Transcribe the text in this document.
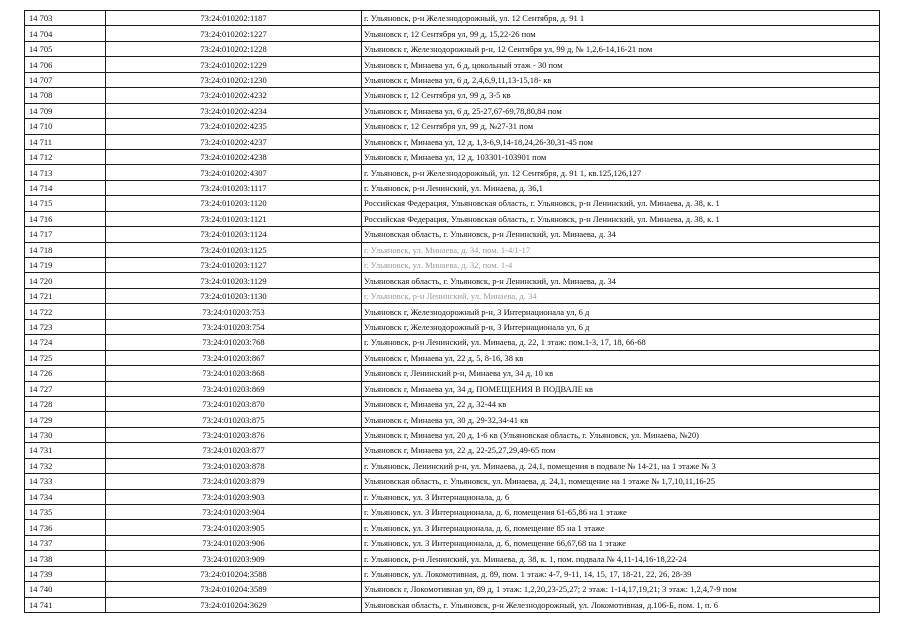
14 703	73:24:010202:1187	г. Ульяновск, р-н Железнодорожный, ул. 12 Сентября, д. 91 1
14 704	73:24:010202:1227	Ульяновск г, 12 Сентября ул, 99 д, 15,22-26 пом
14 705	73:24:010202:1228	Ульяновск г, Железнодорожный р-н, 12 Сентября ул, 99 д, № 1,2,6-14,16-21 пом
14 706	73:24:010202:1229	Ульяновск г, Минаева ул, 6 д, цокольный этаж - 30 пом
14 707	73:24:010202:1230	Ульяновск г, Минаева ул, 6 д, 2,4,6,9,11,13-15,18- кв
14 708	73:24:010202:4232	Ульяновск г, 12 Сентября ул, 99 д, 3-5 кв
14 709	73:24:010202:4234	Ульяновск г, Минаева ул, 6 д, 25-27,67-69,78,80,84 пом
14 710	73:24:010202:4235	Ульяновск г, 12 Сентября ул, 99 д, №27-31 пом
14 711	73:24:010202:4237	Ульяновск г, Минаева ул, 12 д, 1,3-6,9,14-18,24,26-30,31-45 пом
14 712	73:24:010202:4238	Ульяновск г, Минаева ул, 12 д, 103301-103901 пом
14 713	73:24:010202:4307	г. Ульяновск, р-н Железнодорожный, ул. 12 Сентября, д. 91 1, кв.125,126,127
14 714	73:24:010203:1117	г. Ульяновск, р-н Ленинский, ул. Минаева, д. 36,1
14 715	73:24:010203:1120	Российская Федерация, Ульяновская область, г. Ульяновск, р-н Ленинский, ул. Минаева, д. 38, к. 1
14 716	73:24:010203:1121	Российская Федерация, Ульяновская область, г. Ульяновск, р-н Ленинский, ул. Минаева, д. 38, к. 1
14 717	73:24:010203:1124	Ульяновская область, г. Ульяновск, р-н Ленинский, ул. Минаева, д. 34
14 718	73:24:010203:1125	г. Ульяновск, ул. Минаева, д. 34, пом. 1-4/1-17
14 719	73:24:010203:1127	г. Ульяновск, ул. Минаева, д. 32, пом. 1-4
14 720	73:24:010203:1129	Ульяновская область, г. Ульяновск, р-н Ленинский, ул. Минаева, д. 34
14 721	73:24:010203:1130	г. Ульяновск, р-н Ленинский, ул. Минаева, д. 34
14 722	73:24:010203:753	Ульяновск г, Железнодорожный р-н, 3 Интернационала ул, 6 д
14 723	73:24:010203:754	Ульяновск г, Железнодорожный р-н, 3 Интернационала ул, 6 д
14 724	73:24:010203:768	г. Ульяновск, р-н Ленинский, ул. Минаева, д. 22, 1 этаж: пом.1-3, 17, 18, 66-68
14 725	73:24:010203:867	Ульяновск г, Минаева ул, 22 д, 5, 8-16, 38 кв
14 726	73:24:010203:868	Ульяновск г, Ленинский р-н, Минаева ул, 34 д, 10 кв
14 727	73:24:010203:869	Ульяновск г, Минаева ул, 34 д, ПОМЕЩЕНИЯ В ПОДВАЛЕ кв
14 728	73:24:010203:870	Ульяновск г, Минаева ул, 22 д, 32-44 кв
14 729	73:24:010203:875	Ульяновск г, Минаева ул, 30 д, 29-32,34-41 кв
14 730	73:24:010203:876	Ульяновск г, Минаева ул, 20 д, 1-6 кв (Ульяновская область, г. Ульяновск, ул. Минаева, №20)
14 731	73:24:010203:877	Ульяновск г, Минаева ул, 22 д, 22-25,27,29,49-65 пом
14 732	73:24:010203:878	г. Ульяновск, Ленинский р-н, ул. Минаева, д. 24,1, помещения в подвале № 14-21, на 1 этаже № 3
14 733	73:24:010203:879	Ульяновская область, г. Ульяновск, ул. Минаева, д. 24,1, помещение на 1 этаже № 1,7,10,11,16-25
14 734	73:24:010203:903	г. Ульяновск, ул. 3 Интернационала, д. 6
14 735	73:24:010203:904	г. Ульяновск, ул. 3 Интернационала, д. 6, помещения 61-65,86 на 1 этаже
14 736	73:24:010203:905	г. Ульяновск, ул. 3 Интернационала, д. 6, помещение 85 на 1 этаже
14 737	73:24:010203:906	г. Ульяновск, ул. 3 Интернационала, д. 6, помещение 66,67,68 на 1 этаже
14 738	73:24:010203:909	г. Ульяновск, р-н Ленинский, ул. Минаева, д. 38, к. 1, пом. подвала № 4,11-14,16-18,22-24
14 739	73:24:010204:3588	г. Ульяновск, ул. Локомотивная, д. 89, пом. 1 этаж: 4-7, 9-11, 14, 15, 17, 18-21, 22, 26, 28-39
14 740	73:24:010204:3589	Ульяновск г, Локомотивная ул, 89 д, 1 этаж: 1,2,20,23-25,27; 2 этаж: 1-14,17,19,21; 3 этаж: 1,2,4,7-9 пом
14 741	73:24:010204:3629	Ульяновская область, г. Ульяновск, р-н Железнодорожный, ул. Локомотивная, д.106-Б, пом. 1, п. 6
